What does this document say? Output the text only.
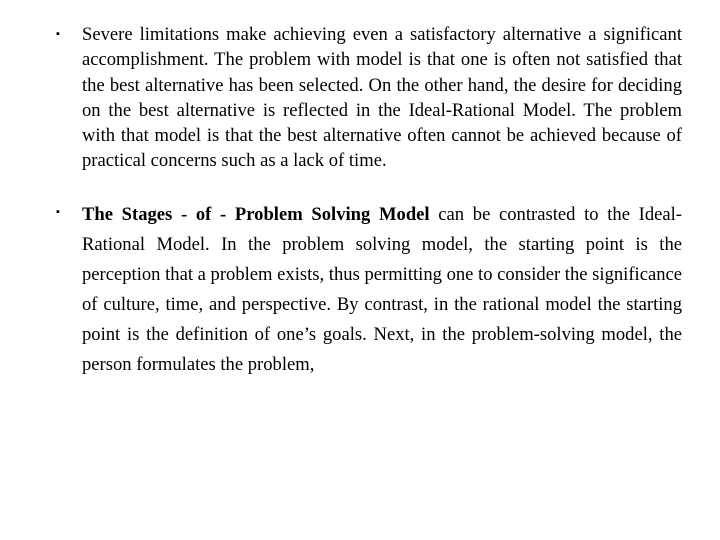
▪ Severe limitations make achieving even a satisfactory alternative a significant accomplishment. The problem with model is that one is often not satisfied that the best alternative has been selected. On the other hand, the desire for deciding on the best alternative is reflected in the Ideal-Rational Model. The problem with that model is that the best alternative often cannot be achieved because of practical concerns such as a lack of time.
▪ The Stages - of - Problem Solving Model can be contrasted to the Ideal-Rational Model. In the problem solving model, the starting point is the perception that a problem exists, thus permitting one to consider the significance of culture, time, and perspective. By contrast, in the rational model the starting point is the definition of one’s goals. Next, in the problem-solving model, the person formulates the problem,
